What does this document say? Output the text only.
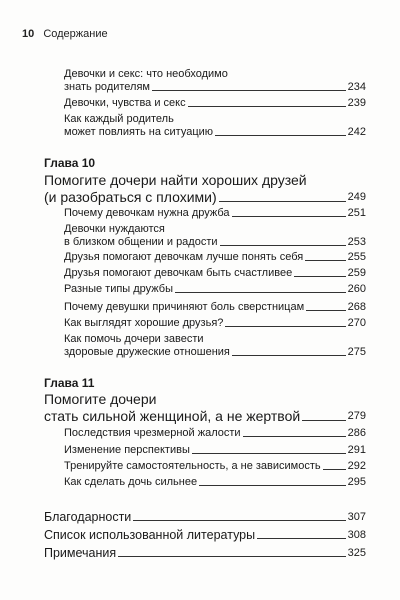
10 Содержание
Девочки и секс: что необходимо
знать родителям	234
Девочки, чувства и секс	239
Как каждый родитель
может повлиять на ситуацию	242
Глава 10
Помогите дочери найти хороших друзей
(и разобраться с плохими)	249
Почему девочкам нужна дружба	251
Девочки нуждаются
в близком общении и радости	253
Друзья помогают девочкам лучше понять себя	255
Друзья помогают девочкам быть счастливее	259
Разные типы дружбы	260
Почему девушки причиняют боль сверстницам	268
Как выглядят хорошие друзья?	270
Как помочь дочери завести
здоровые дружеские отношения	275
Глава 11
Помогите дочери
стать сильной женщиной, а не жертвой	279
Последствия чрезмерной жалости	286
Изменение перспективы	291
Тренируйте самостоятельность, а не зависимость 292
Как сделать дочь сильнее	295
Благодарности	307
Список использованной литературы	308
Примечания	325
